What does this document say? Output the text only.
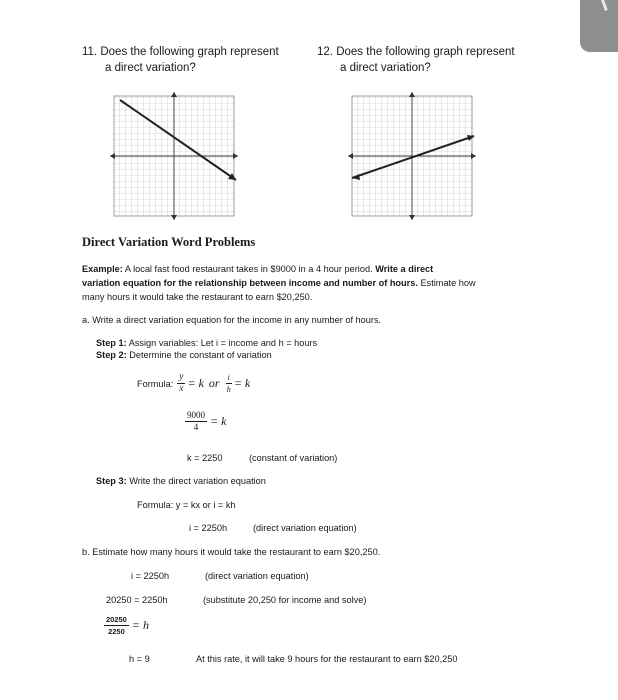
11. Does the following graph represent
a direct variation?
12. Does the following graph represent
a direct variation?
Direct Variation Word Problems
Example: A local fast food restaurant takes in $9000 in a 4 hour period. Write a direct
variation equation for the relationship between income and number of hours. Estimate how
many hours it would take the restaurant to earn $20,250.
a. Write a direct variation equation for the income in any number of hours.
Step 1: Assign variables: Let i = income and h = hours
Step 2: Determine the constant of variation
Formula: $\frac{y}{x} = k$ or $\frac{i}{h} = k$
$\frac{9000}{4} = k$
k = 2250	(constant of variation)
Step 3: Write the direct variation equation
Formula: y = kx or i = kh
i = 2250h	(direct variation equation)
b. Estimate how many hours it would take the restaurant to earn $20,250.
i = 2250h	(direct variation equation)
20250 = 2250h	(substitute 20,250 for income and solve)
$\frac{20250}{2250} = h$
h = 9	At this rate, it will take 9 hours for the restaurant to earn $20,250
